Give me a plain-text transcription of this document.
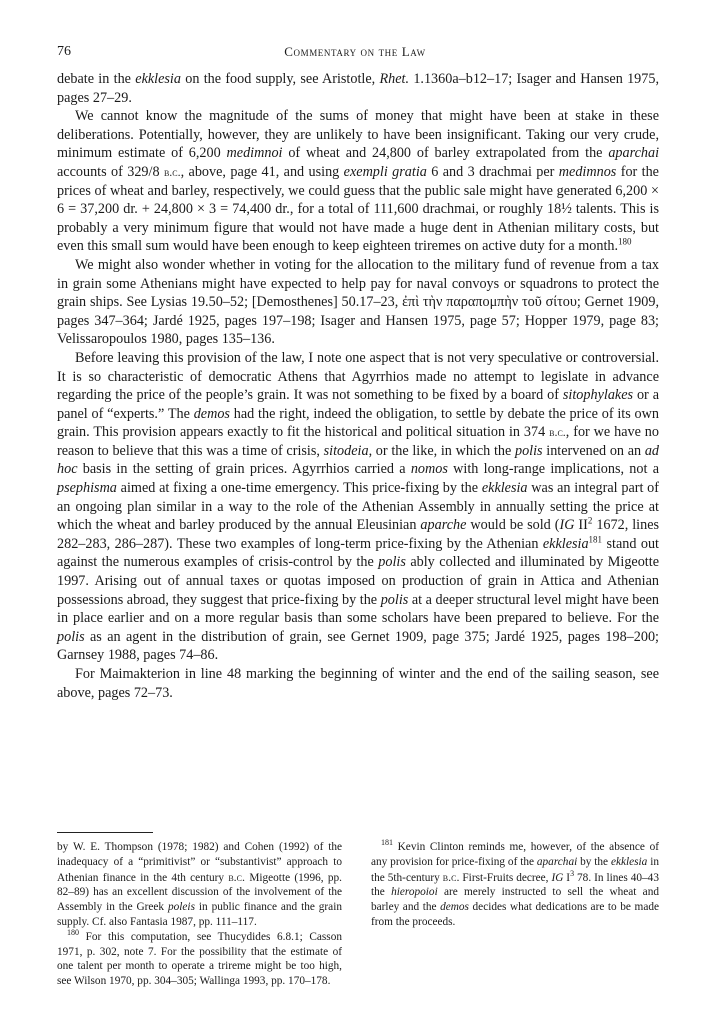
76	Commentary on the Law

debate in the ekklesia on the food supply, see Aristotle, Rhet. 1.1360a–b12–17; Isager and Hansen 1975, pages 27–29.

We cannot know the magnitude of the sums of money that might have been at stake in these deliberations. Potentially, however, they are unlikely to have been insignificant. Taking our very crude, minimum estimate of 6,200 medimnoi of wheat and 24,800 of barley extrapolated from the aparchai accounts of 329/8 b.c., above, page 41, and using exempli gratia 6 and 3 drachmai per medimnos for the prices of wheat and barley, respectively, we could guess that the public sale might have generated 6,200 × 6 = 37,200 dr. + 24,800 × 3 = 74,400 dr., for a total of 111,600 drachmai, or roughly 18½ talents. This is probably a very minimum figure that would not have made a huge dent in Athenian military costs, but even this small sum would have been enough to keep eighteen triremes on active duty for a month.$^{180}$

We might also wonder whether in voting for the allocation to the military fund of revenue from a tax in grain some Athenians might have expected to help pay for naval convoys or squadrons to protect the grain ships. See Lysias 19.50–52; [Demosthenes] 50.17–23, ἐπὶ τὴν παραπομπὴν τοῦ σίτου; Gernet 1909, pages 347–364; Jardé 1925, pages 197–198; Isager and Hansen 1975, page 57; Hopper 1979, page 83; Velissaropoulos 1980, pages 135–136.

Before leaving this provision of the law, I note one aspect that is not very speculative or controversial. It is so characteristic of democratic Athens that Agyrrhios made no attempt to legislate in advance regarding the price of the people’s grain. It was not something to be fixed by a board of sitophylakes or a panel of “experts.” The demos had the right, indeed the obligation, to settle by debate the price of its own grain. This provision appears exactly to fit the historical and political situation in 374 b.c., for we have no reason to believe that this was a time of crisis, sitodeia, or the like, in which the polis intervened on an ad hoc basis in the setting of grain prices. Agyrrhios carried a nomos with long-range implications, not a psephisma aimed at fixing a one-time emergency. This price-fixing by the ekklesia was an integral part of an ongoing plan similar in a way to the role of the Athenian Assembly in annually setting the price at which the wheat and barley produced by the annual Eleusinian aparche would be sold (IG $II^2$ 1672, lines 282–283, 286–287). These two examples of long-term price-fixing by the Athenian ekklesia$^{181}$ stand out against the numerous examples of crisis-control by the polis ably collected and illuminated by Migeotte 1997. Arising out of annual taxes or quotas imposed on production of grain in Attica and Athenian possessions abroad, they suggest that price-fixing by the polis at a deeper structural level might have been in place earlier and on a more regular basis than some scholars have been prepared to believe. For the polis as an agent in the distribution of grain, see Gernet 1909, page 375; Jardé 1925, pages 198–200; Garnsey 1988, pages 74–86.

For Maimakterion in line 48 marking the beginning of winter and the end of the sailing season, see above, pages 72–73.

by W. E. Thompson (1978; 1982) and Cohen (1992) of the inadequacy of a “primitivist” or “substantivist” approach to Athenian finance in the 4th century b.c. Migeotte (1996, pp. 82–89) has an excellent discussion of the involvement of the Assembly in the Greek poleis in public finance and the grain supply. Cf. also Fantasia 1987, pp. 111–117.

$^{180}$ For this computation, see Thucydides 6.8.1; Casson 1971, p. 302, note 7. For the possibility that the estimate of one talent per month to operate a trireme might be too high, see Wilson 1970, pp. 304–305; Wallinga 1993, pp. 170–178.

$^{181}$ Kevin Clinton reminds me, however, of the absence of any provision for price-fixing of the aparchai by the ekklesia in the 5th-century b.c. First-Fruits decree, IG $I^3$ 78. In lines 40–43 the hieropoioi are merely instructed to sell the wheat and barley and the demos decides what dedications are to be made from the proceeds.
